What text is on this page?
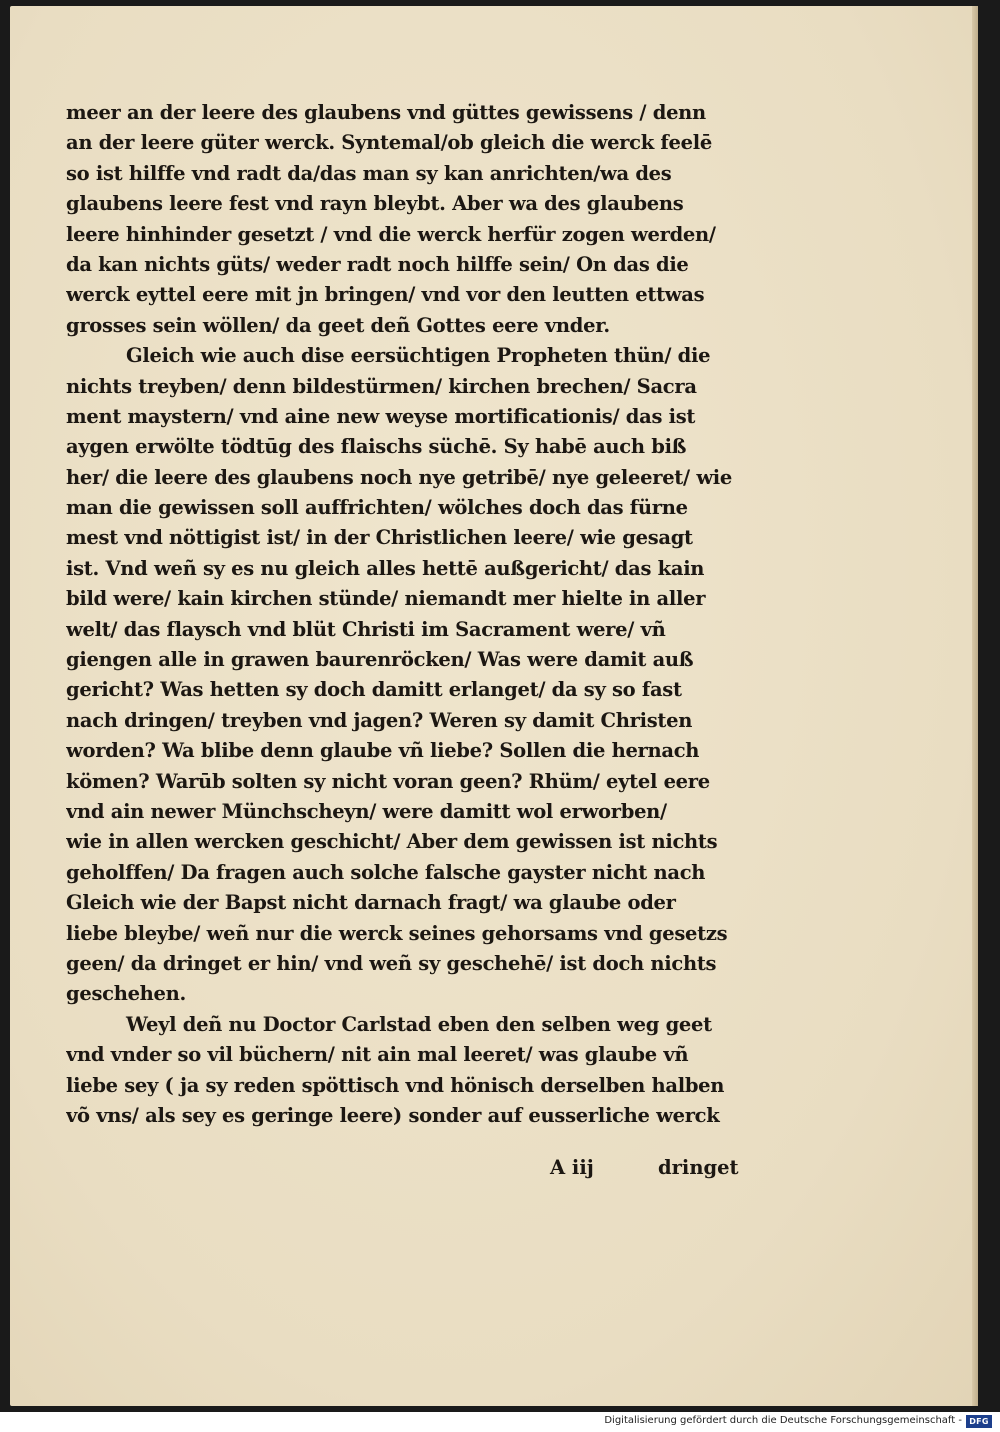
meer an der leere des glaubens vnd güttes gewissens / denn
an der leere güter werck. Syntemal/ob gleich die werck feelē
so ist hilffe vnd radt da/das man sy kan anrichten/wa des
glaubens leere fest vnd rayn bleybt. Aber wa des glaubens
leere hinhinder gesetzt / vnd die werck herfür zogen werden/
da kan nichts güts/ weder radt noch hilffe sein/ On das die
werck eyttel eere mit jn bringen/ vnd vor den leutten ettwas
grosses sein wöllen/ da geet deñ Gottes eere vnder.
Gleich wie auch dise eersüchtigen Propheten thün/ die
nichts treyben/ denn bildestürmen/ kirchen brechen/ Sacra
ment maystern/ vnd aine new weyse mortificationis/ das ist
aygen erwölte tödtūg des flaischs süchē. Sy habē auch biß
her/ die leere des glaubens noch nye getribē/ nye geleeret/ wie
man die gewissen soll auffrichten/ wölches doch das fürne
mest vnd nöttigist ist/ in der Christlichen leere/ wie gesagt
ist. Vnd weñ sy es nu gleich alles hettē außgericht/ das kain
bild were/ kain kirchen stünde/ niemandt mer hielte in aller
welt/ das flaysch vnd blüt Christi im Sacrament were/ vñ
giengen alle in grawen baurenröcken/ Was were damit auß
gericht? Was hetten sy doch damitt erlanget/ da sy so fast
nach dringen/ treyben vnd jagen? Weren sy damit Christen
worden? Wa blibe denn glaube vñ liebe? Sollen die hernach
kömen? Warūb solten sy nicht voran geen? Rhüm/ eytel eere
vnd ain newer Münchscheyn/ were damitt wol erworben/
wie in allen wercken geschicht/ Aber dem gewissen ist nichts
geholffen/ Da fragen auch solche falsche gayster nicht nach
Gleich wie der Bapst nicht darnach fragt/ wa glaube oder
liebe bleybe/ weñ nur die werck seines gehorsams vnd gesetzs
geen/ da dringet er hin/ vnd weñ sy geschehē/ ist doch nichts
geschehen.
Weyl deñ nu Doctor Carlstad eben den selben weg geet
vnd vnder so vil büchern/ nit ain mal leeret/ was glaube vñ
liebe sey ( ja sy reden spöttisch vnd hönisch derselben halben
võ vns/ als sey es geringe leere) sonder auf eusserliche werck
A iij	dringet
Digitalisierung gefördert durch die Deutsche Forschungsgemeinschaft - DFG
